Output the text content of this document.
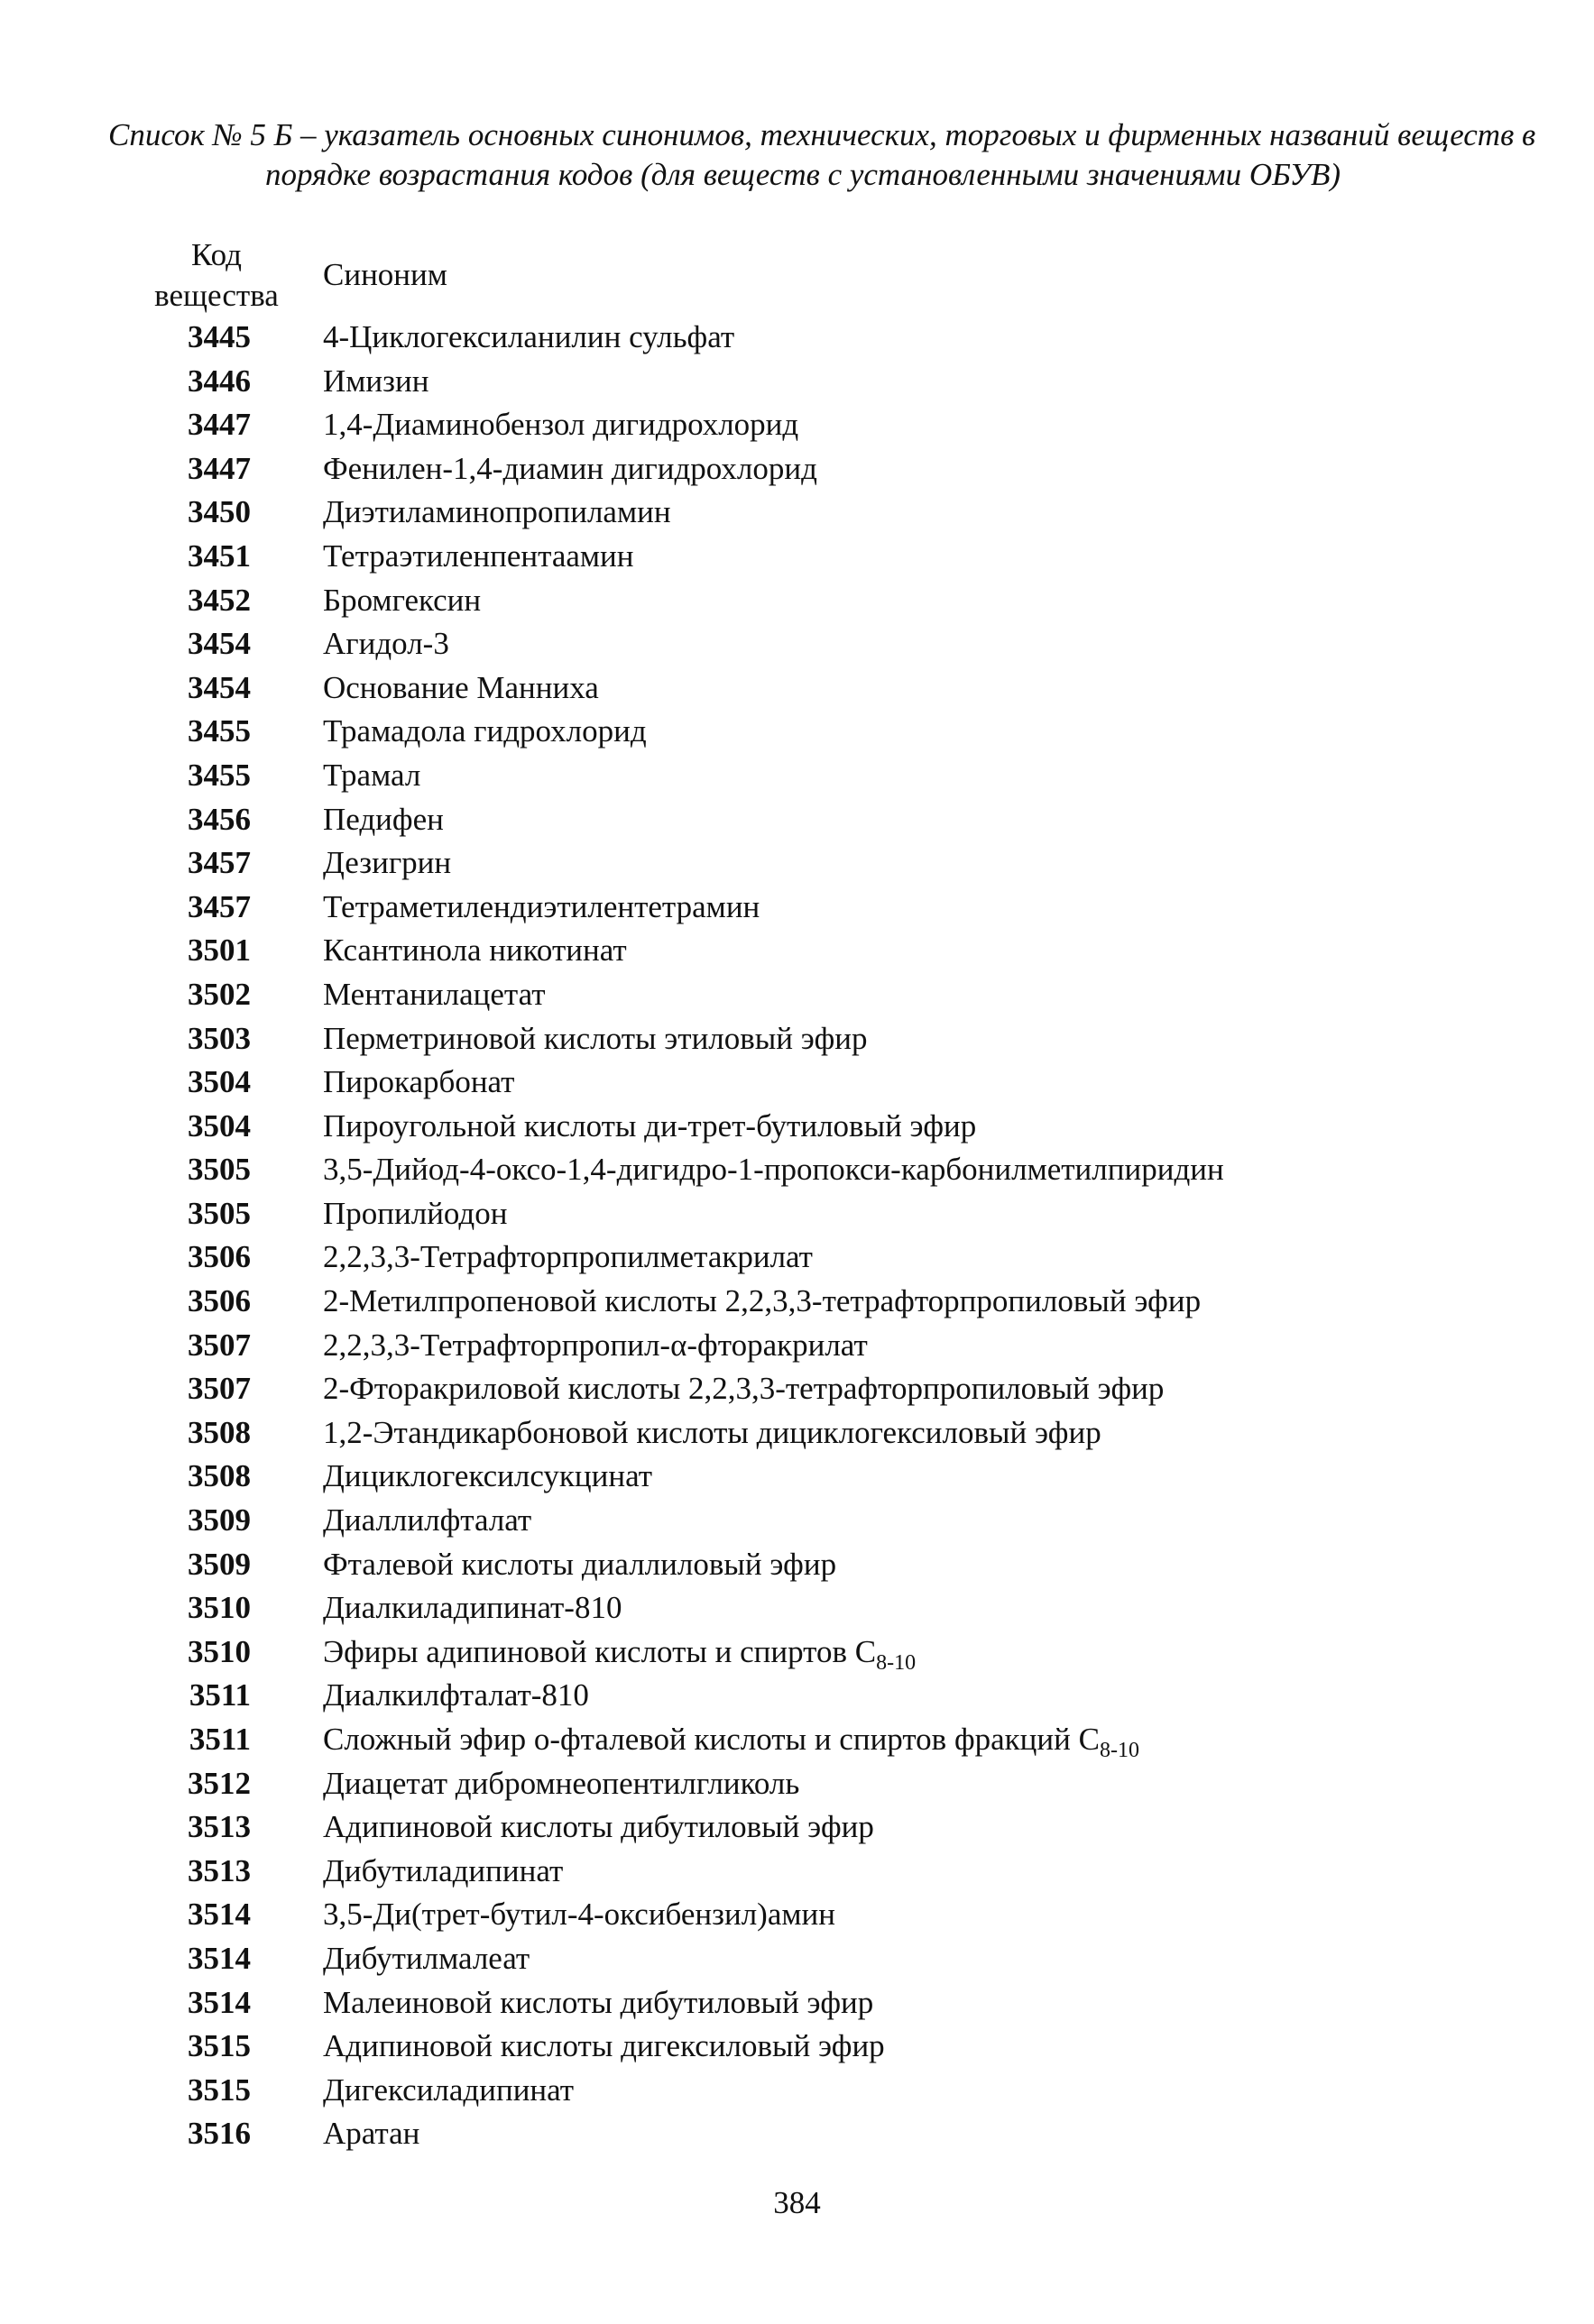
Список № 5 Б – указатель основных синонимов, технических, торговых и фирменных названий веществ в
порядке возрастания кодов (для веществ с установленными значениями ОБУВ)
Код
вещества
Синоним
3445 4-Циклогексиланилин сульфат
3446 Имизин
3447 1,4-Диаминобензол дигидрохлорид
3447 Фенилен-1,4-диамин дигидрохлорид
3450 Диэтиламинопропиламин
3451 Тетраэтиленпентаамин
3452 Бромгексин
3454 Агидол-3
3454 Основание Манниха
3455 Трамадола гидрохлорид
3455 Трамал
3456 Педифен
3457 Дезигрин
3457 Тетраметилендиэтилентетрамин
3501 Ксантинола никотинат
3502 Ментанилацетат
3503 Перметриновой кислоты этиловый эфир
3504 Пирокарбонат
3504 Пироугольной кислоты ди-трет-бутиловый эфир
3505 3,5-Дийод-4-оксо-1,4-дигидро-1-пропокси-карбонилметилпиридин
3505 Пропилйодон
3506 2,2,3,3-Тетрафторпропилметакрилат
3506 2-Метилпропеновой кислоты 2,2,3,3-тетрафторпропиловый эфир
3507 2,2,3,3-Тетрафторпропил-α-фторакрилат
3507 2-Фторакриловой кислоты 2,2,3,3-тетрафторпропиловый эфир
3508 1,2-Этандикарбоновой кислоты дициклогексиловый эфир
3508 Дициклогексилсукцинат
3509 Диаллилфталат
3509 Фталевой кислоты диаллиловый эфир
3510 Диалкиладипинат-810
3510 Эфиры адипиновой кислоты и спиртов $C_{8-10}$
3511 Диалкилфталат-810
3511 Сложный эфир о-фталевой кислоты и спиртов фракций $C_{8-10}$
3512 Диацетат дибромнеопентилгликоль
3513 Адипиновой кислоты дибутиловый эфир
3513 Дибутиладипинат
3514 3,5-Ди(трет-бутил-4-оксибензил)амин
3514 Дибутилмалеат
3514 Малеиновой кислоты дибутиловый эфир
3515 Адипиновой кислоты дигексиловый эфир
3515 Дигексиладипинат
3516 Аратан
384
